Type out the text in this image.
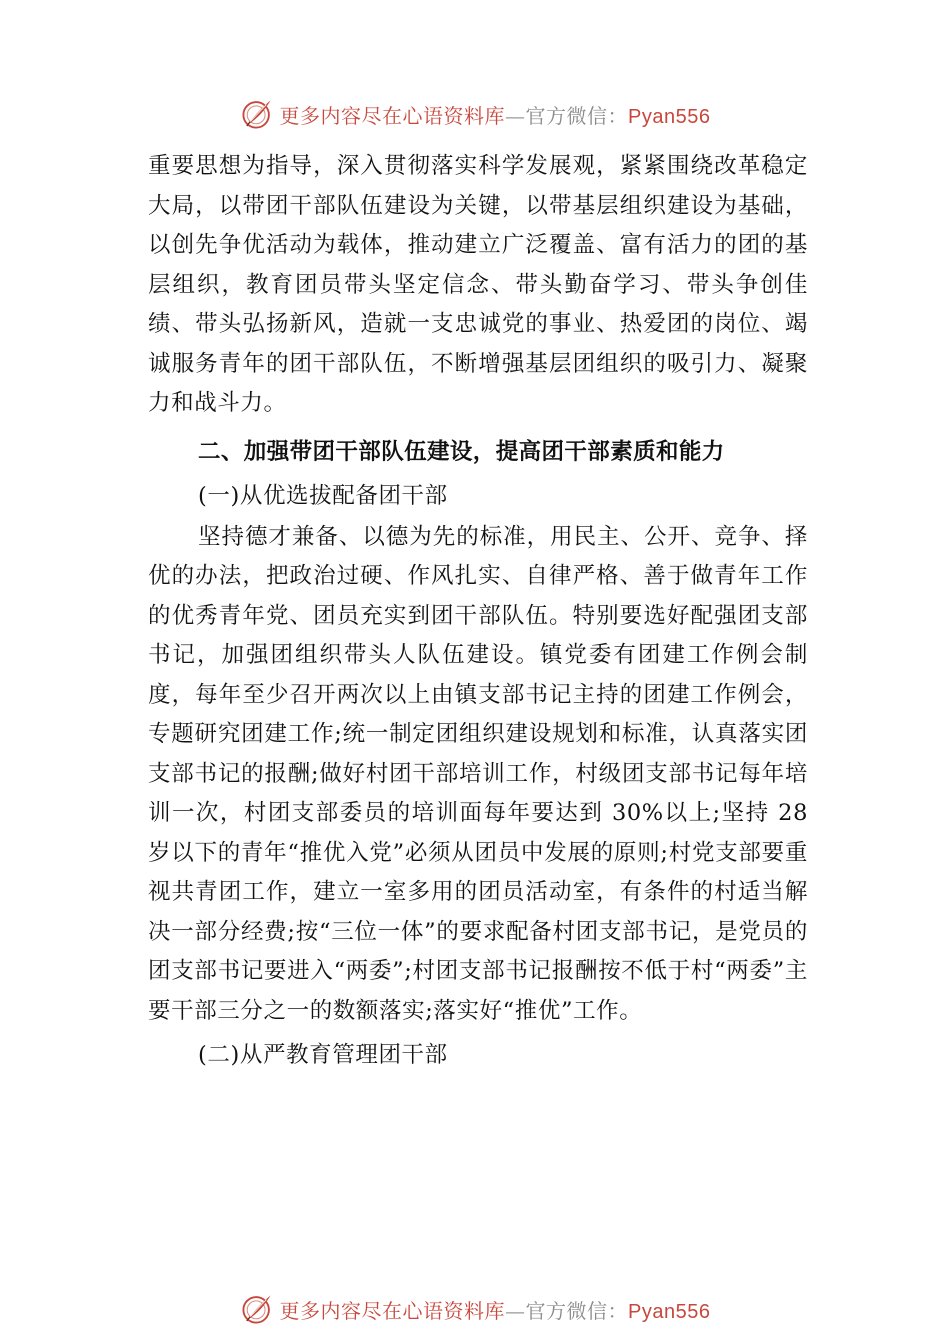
更多内容尽在心语资料库—官方微信：Pyan556

重要思想为指导，深入贯彻落实科学发展观，紧紧围绕改革稳定大局，以带团干部队伍建设为关键，以带基层组织建设为基础，以创先争优活动为载体，推动建立广泛覆盖、富有活力的团的基层组织，教育团员带头坚定信念、带头勤奋学习、带头争创佳绩、带头弘扬新风，造就一支忠诚党的事业、热爱团的岗位、竭诚服务青年的团干部队伍，不断增强基层团组织的吸引力、凝聚力和战斗力。

二、加强带团干部队伍建设，提高团干部素质和能力
(一)从优选拔配备团干部

坚持德才兼备、以德为先的标准，用民主、公开、竞争、择优的办法，把政治过硬、作风扎实、自律严格、善于做青年工作的优秀青年党、团员充实到团干部队伍。特别要选好配强团支部书记，加强团组织带头人队伍建设。镇党委有团建工作例会制度，每年至少召开两次以上由镇支部书记主持的团建工作例会，专题研究团建工作;统一制定团组织建设规划和标准，认真落实团支部书记的报酬;做好村团干部培训工作，村级团支部书记每年培训一次，村团支部委员的培训面每年要达到 30%以上;坚持 28 岁以下的青年“推优入党”必须从团员中发展的原则;村党支部要重视共青团工作，建立一室多用的团员活动室，有条件的村适当解决一部分经费;按“三位一体”的要求配备村团支部书记，是党员的团支部书记要进入“两委”;村团支部书记报酬按不低于村“两委”主要干部三分之一的数额落实;落实好“推优”工作。

(二)从严教育管理团干部
更多内容尽在心语资料库—官方微信：Pyan556
